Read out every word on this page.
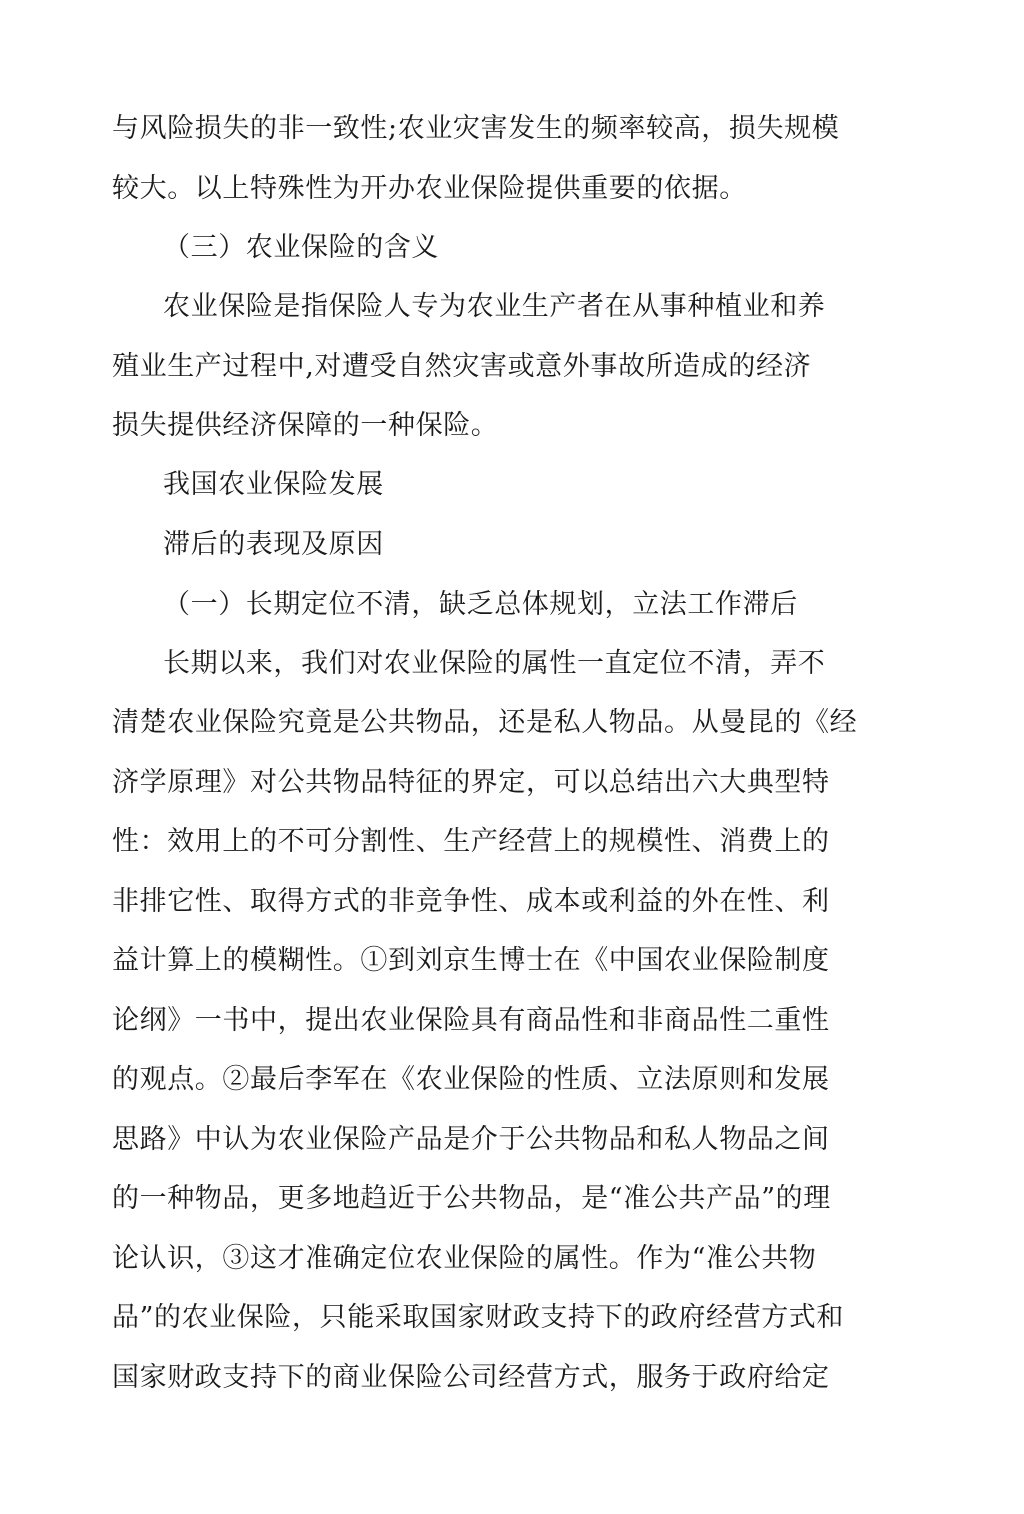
与风险损失的非一致性;农业灾害发生的频率较高，损失规模
较大。以上特殊性为开办农业保险提供重要的依据。
（三）农业保险的含义
农业保险是指保险人专为农业生产者在从事种植业和养
殖业生产过程中,对遭受自然灾害或意外事故所造成的经济
损失提供经济保障的一种保险。
我国农业保险发展
滞后的表现及原因
（一）长期定位不清，缺乏总体规划，立法工作滞后
长期以来，我们对农业保险的属性一直定位不清，弄不
清楚农业保险究竟是公共物品，还是私人物品。从曼昆的《经
济学原理》对公共物品特征的界定，可以总结出六大典型特
性：效用上的不可分割性、生产经营上的规模性、消费上的
非排它性、取得方式的非竞争性、成本或利益的外在性、利
益计算上的模糊性。①到刘京生博士在《中国农业保险制度
论纲》一书中，提出农业保险具有商品性和非商品性二重性
的观点。②最后李军在《农业保险的性质、立法原则和发展
思路》中认为农业保险产品是介于公共物品和私人物品之间
的一种物品，更多地趋近于公共物品，是“准公共产品”的理
论认识，③这才准确定位农业保险的属性。作为“准公共物
品”的农业保险，只能采取国家财政支持下的政府经营方式和
国家财政支持下的商业保险公司经营方式，服务于政府给定
